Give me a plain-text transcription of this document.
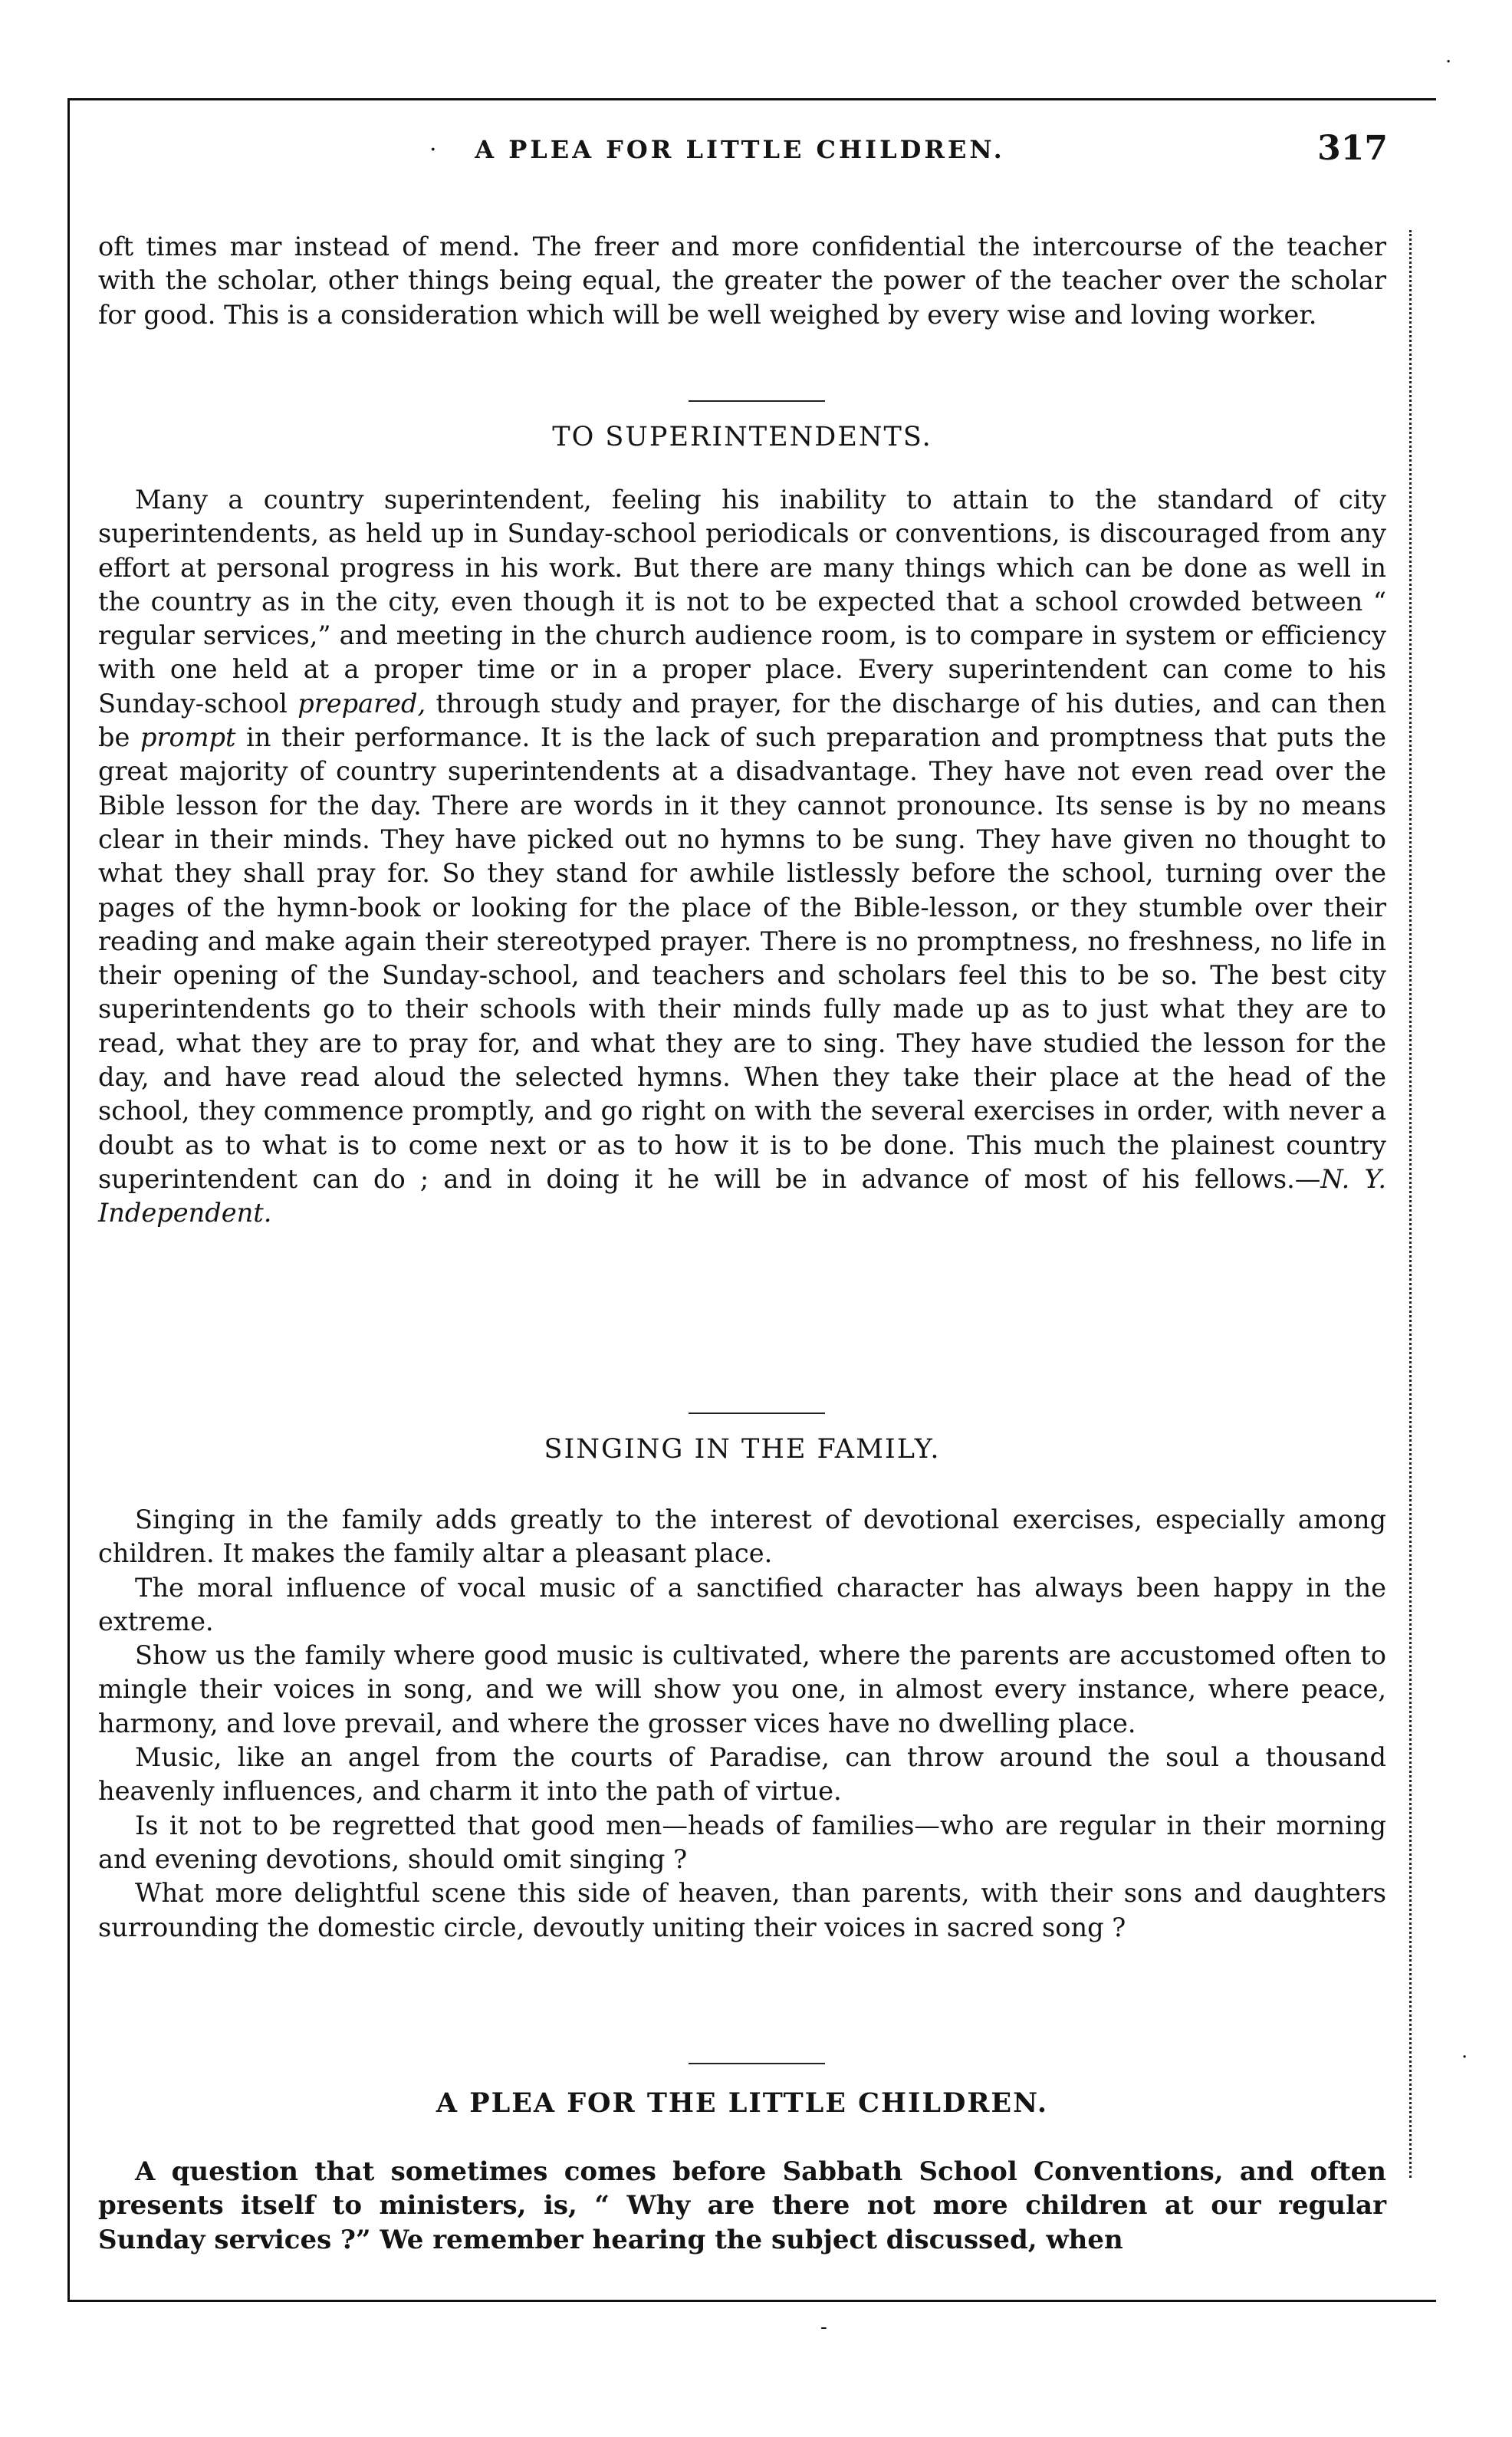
·	A PLEA FOR LITTLE CHILDREN.	317

oft times mar instead of mend. The freer and more confidential the intercourse of the teacher with the scholar, other things being equal, the greater the power of the teacher over the scholar for good. This is a consideration which will be well weighed by every wise and loving worker.

TO SUPERINTENDENTS.

Many a country superintendent, feeling his inability to attain to the standard of city superintendents, as held up in Sunday-school periodicals or conventions, is discouraged from any effort at personal progress in his work. But there are many things which can be done as well in the country as in the city, even though it is not to be expected that a school crowded between “ regular services,” and meeting in the church audience room, is to compare in system or efficiency with one held at a proper time or in a proper place. Every superintendent can come to his Sunday-school prepared, through study and prayer, for the discharge of his duties, and can then be prompt in their performance. It is the lack of such preparation and promptness that puts the great majority of country superintendents at a disadvantage. They have not even read over the Bible lesson for the day. There are words in it they cannot pronounce. Its sense is by no means clear in their minds. They have picked out no hymns to be sung. They have given no thought to what they shall pray for. So they stand for awhile listlessly before the school, turning over the pages of the hymn-book or looking for the place of the Bible-lesson, or they stumble over their reading and make again their stereotyped prayer. There is no promptness, no freshness, no life in their opening of the Sunday-school, and teachers and scholars feel this to be so. The best city superintendents go to their schools with their minds fully made up as to just what they are to read, what they are to pray for, and what they are to sing. They have studied the lesson for the day, and have read aloud the selected hymns. When they take their place at the head of the school, they commence promptly, and go right on with the several exercises in order, with never a doubt as to what is to come next or as to how it is to be done. This much the plainest country superintendent can do ; and in doing it he will be in advance of most of his fellows.—N. Y. Independent.

SINGING IN THE FAMILY.

Singing in the family adds greatly to the interest of devotional exercises, especially among children. It makes the family altar a pleasant place.

The moral influence of vocal music of a sanctified character has always been happy in the extreme.

Show us the family where good music is cultivated, where the parents are accustomed often to mingle their voices in song, and we will show you one, in almost every instance, where peace, harmony, and love prevail, and where the grosser vices have no dwelling place.

Music, like an angel from the courts of Paradise, can throw around the soul a thousand heavenly influences, and charm it into the path of virtue.

Is it not to be regretted that good men—heads of families—who are regular in their morning and evening devotions, should omit singing ?

What more delightful scene this side of heaven, than parents, with their sons and daughters surrounding the domestic circle, devoutly uniting their voices in sacred song ?

A PLEA FOR THE LITTLE CHILDREN.

A question that sometimes comes before Sabbath School Conventions, and often presents itself to ministers, is, “ Why are there not more children at our regular Sunday services ?” We remember hearing the subject discussed, when

·
·
-
